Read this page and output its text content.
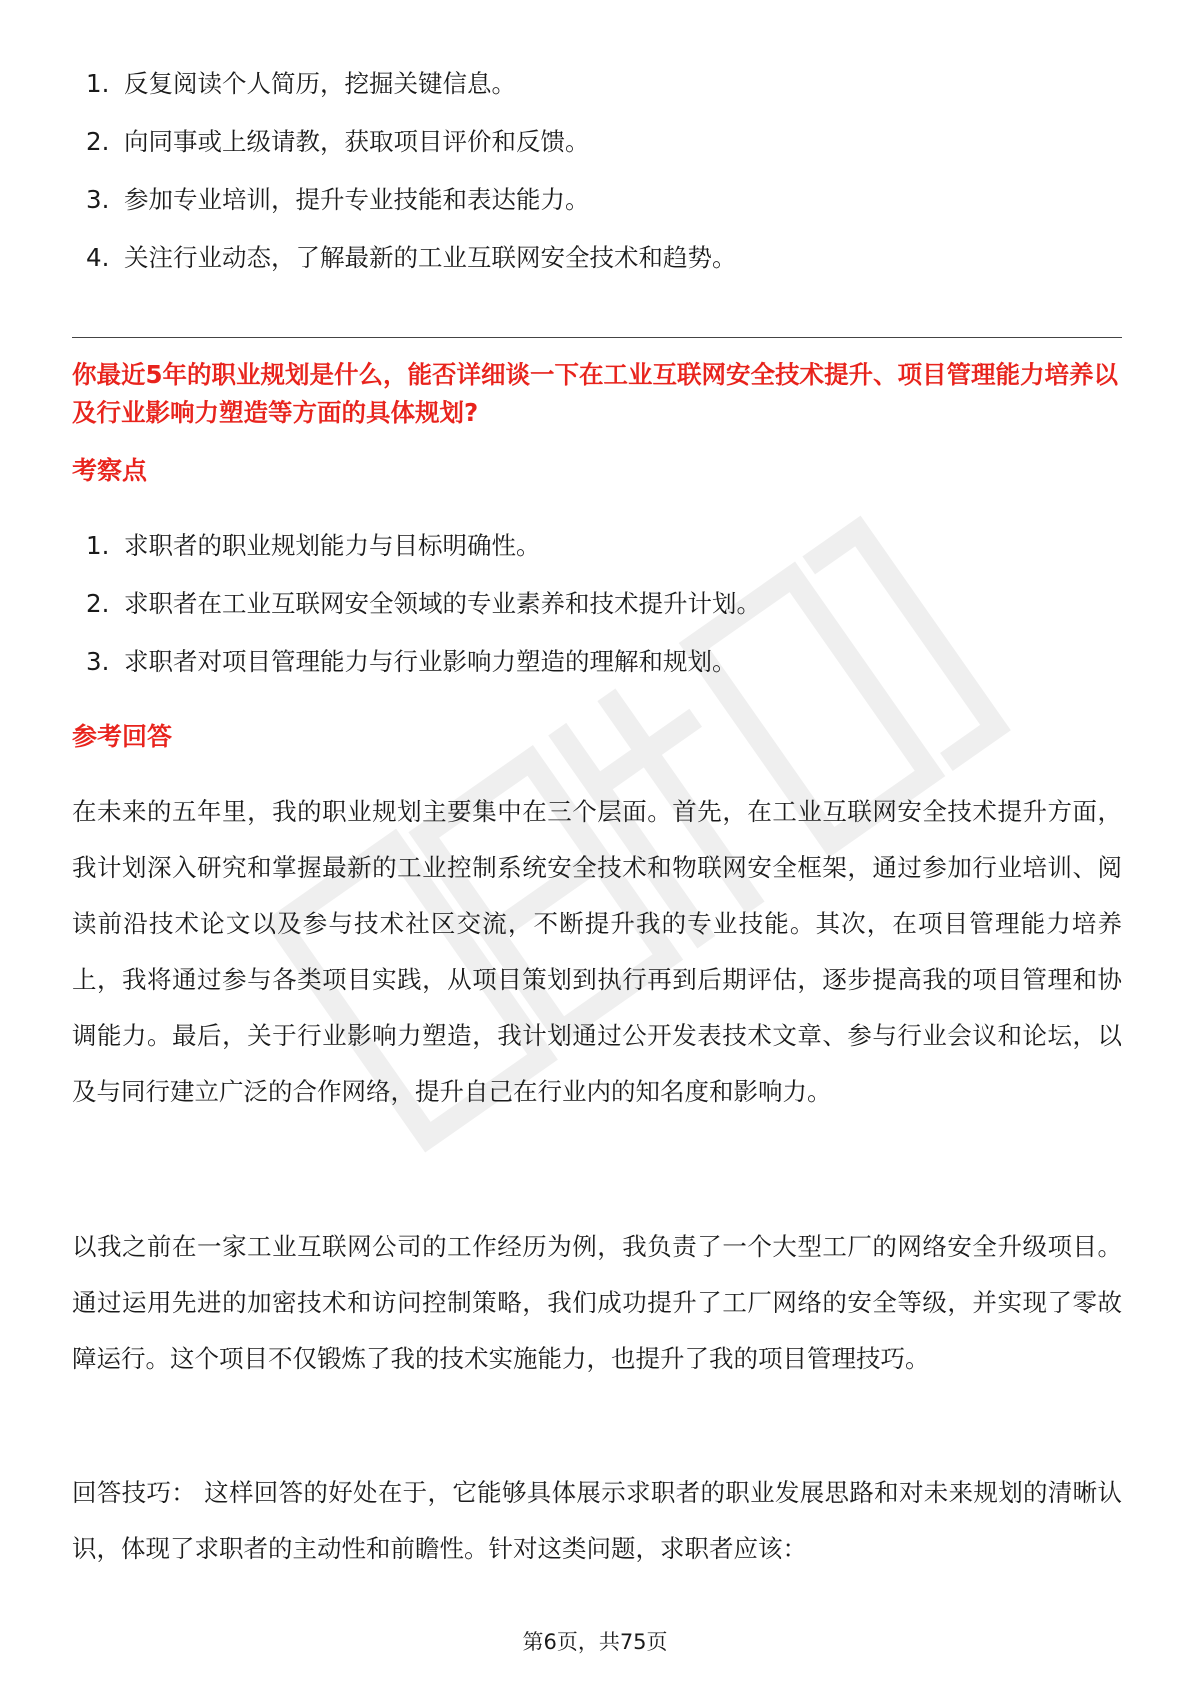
1. 反复阅读个人简历，挖掘关键信息。
2. 向同事或上级请教，获取项目评价和反馈。
3. 参加专业培训，提升专业技能和表达能力。
4. 关注行业动态，了解最新的工业互联网安全技术和趋势。
你最近5年的职业规划是什么，能否详细谈一下在工业互联网安全技术提升、项目管理能力培养以及行业影响力塑造等方面的具体规划?
考察点
1. 求职者的职业规划能力与目标明确性。
2. 求职者在工业互联网安全领域的专业素养和技术提升计划。
3. 求职者对项目管理能力与行业影响力塑造的理解和规划。
参考回答

在未来的五年里，我的职业规划主要集中在三个层面。首先，在工业互联网安全技术提升方面，我计划深入研究和掌握最新的工业控制系统安全技术和物联网安全框架，通过参加行业培训、阅读前沿技术论文以及参与技术社区交流，不断提升我的专业技能。其次，在项目管理能力培养上，我将通过参与各类项目实践，从项目策划到执行再到后期评估，逐步提高我的项目管理和协调能力。最后，关于行业影响力塑造，我计划通过公开发表技术文章、参与行业会议和论坛，以及与同行建立广泛的合作网络，提升自己在行业内的知名度和影响力。

以我之前在一家工业互联网公司的工作经历为例，我负责了一个大型工厂的网络安全升级项目。通过运用先进的加密技术和访问控制策略，我们成功提升了工厂网络的安全等级，并实现了零故障运行。这个项目不仅锻炼了我的技术实施能力，也提升了我的项目管理技巧。

回答技巧： 这样回答的好处在于，它能够具体展示求职者的职业发展思路和对未来规划的清晰认识，体现了求职者的主动性和前瞻性。针对这类问题，求职者应该：

第6页，共75页
